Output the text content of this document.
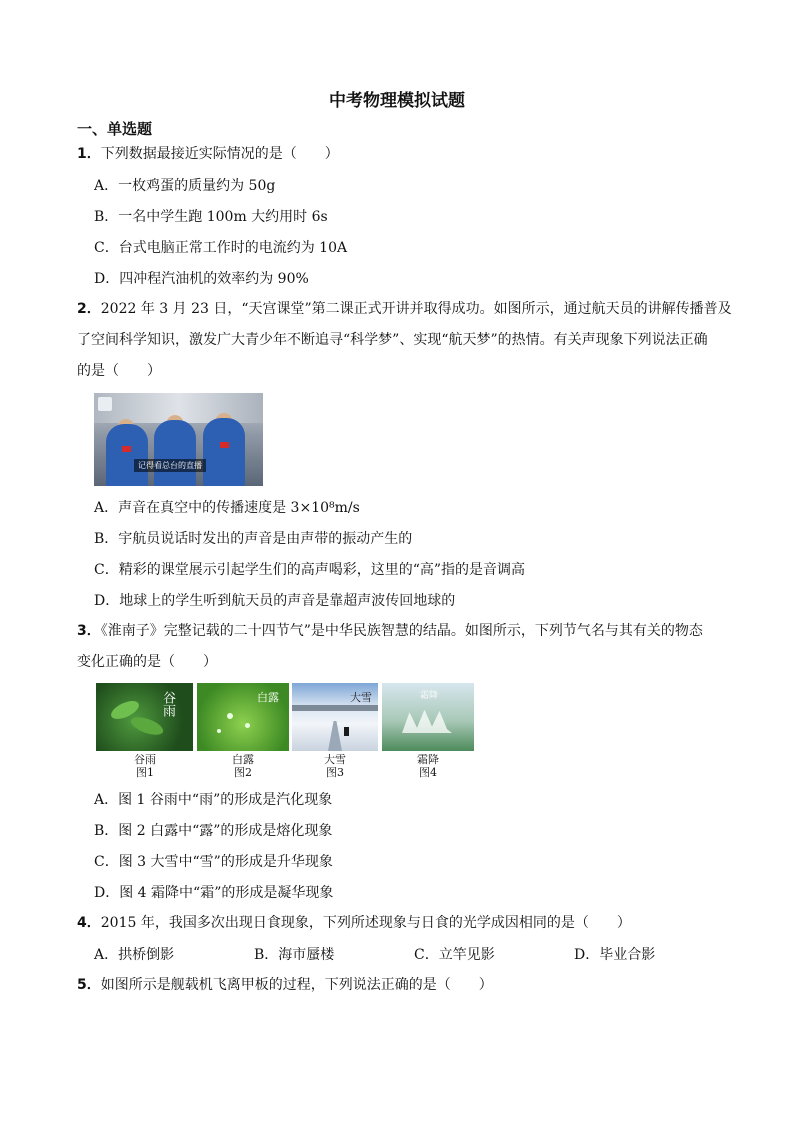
中考物理模拟试题
一、单选题
1．下列数据最接近实际情况的是（　　）
A．一枚鸡蛋的质量约为 50g
B．一名中学生跑 100m 大约用时 6s
C．台式电脑正常工作时的电流约为 10A
D．四冲程汽油机的效率约为 90%
2．2022 年 3 月 23 日，“天宫课堂”第二课正式开讲并取得成功。如图所示，通过航天员的讲解传播普及
了空间科学知识，激发广大青少年不断追寻“科学梦”、实现“航天梦”的热情。有关声现象下列说法正确
的是（　　）
记得看总台的直播
A．声音在真空中的传播速度是 3×10⁸m/s
B．宇航员说话时发出的声音是由声带的振动产生的
C．精彩的课堂展示引起学生们的高声喝彩，这里的“高”指的是音调高
D．地球上的学生听到航天员的声音是靠超声波传回地球的
3．《淮南子》完整记载的二十四节气”是中华民族智慧的结晶。如图所示，下列节气名与其有关的物态
变化正确的是（　　）
谷雨	白露	大雪	霜降
谷雨
图1
白露
图2
大雪
图3
霜降
图4
A．图 1 谷雨中“雨”的形成是汽化现象
B．图 2 白露中“露”的形成是熔化现象
C．图 3 大雪中“雪”的形成是升华现象
D．图 4 霜降中“霜”的形成是凝华现象
4．2015 年，我国多次出现日食现象，下列所述现象与日食的光学成因相同的是（　　）
A．拱桥倒影	B．海市蜃楼	C．立竿见影	D．毕业合影
5．如图所示是舰载机飞离甲板的过程，下列说法正确的是（　　）
